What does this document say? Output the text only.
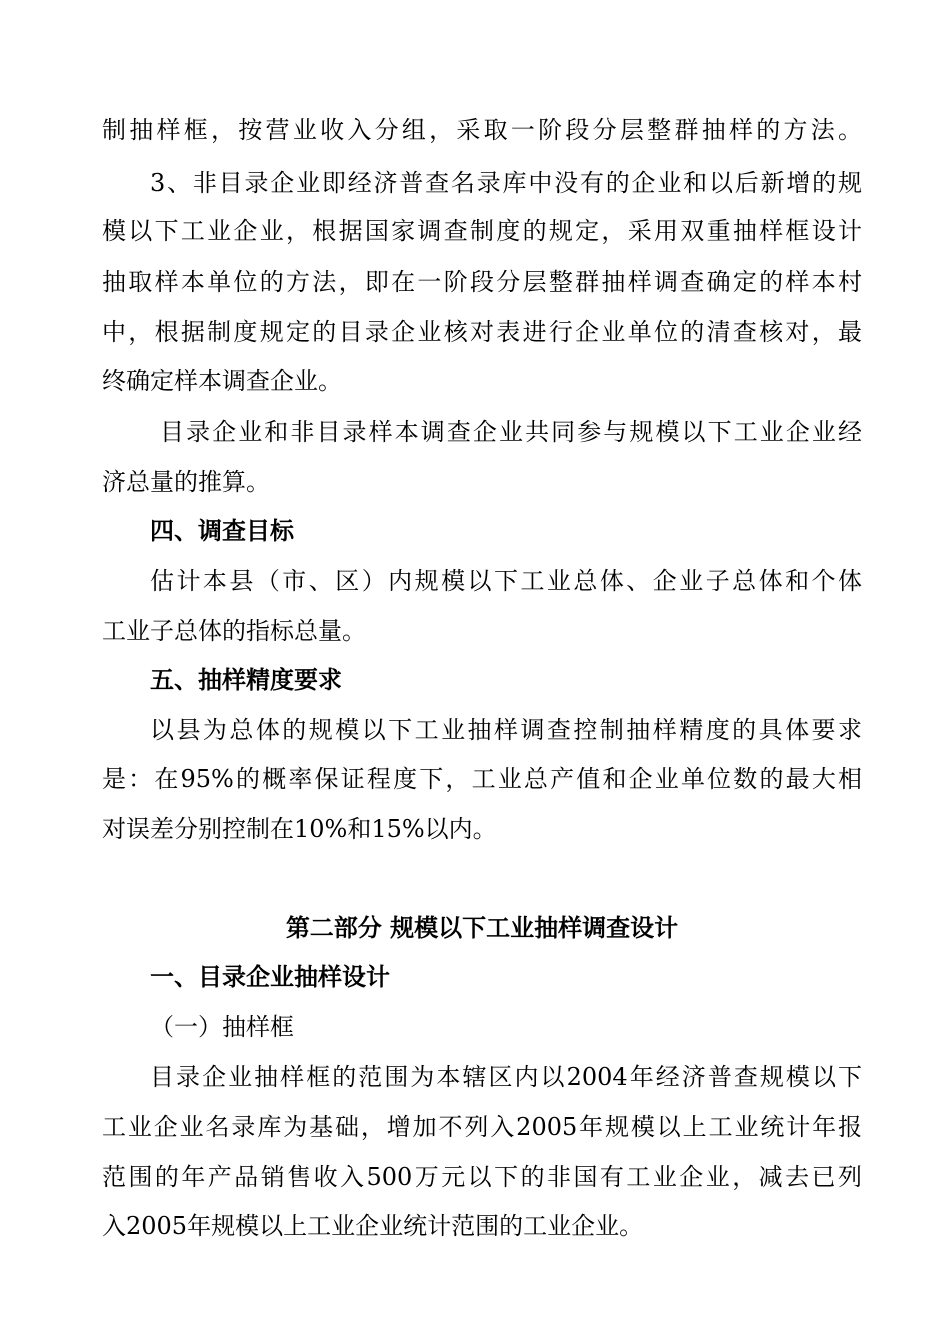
制抽样框，按营业收入分组，采取一阶段分层整群抽样的方法。
3、非目录企业即经济普查名录库中没有的企业和以后新增的规
模以下工业企业，根据国家调查制度的规定，采用双重抽样框设计
抽取样本单位的方法，即在一阶段分层整群抽样调查确定的样本村
中，根据制度规定的目录企业核对表进行企业单位的清查核对，最
终确定样本调查企业。
目录企业和非目录样本调查企业共同参与规模以下工业企业经
济总量的推算。
四、调查目标
估计本县（市、区）内规模以下工业总体、企业子总体和个体
工业子总体的指标总量。
五、抽样精度要求
以县为总体的规模以下工业抽样调查控制抽样精度的具体要求
是：在95%的概率保证程度下，工业总产值和企业单位数的最大相
对误差分别控制在10%和15%以内。
第二部分 规模以下工业抽样调查设计
一、目录企业抽样设计
（一）抽样框
目录企业抽样框的范围为本辖区内以2004年经济普查规模以下
工业企业名录库为基础，增加不列入2005年规模以上工业统计年报
范围的年产品销售收入500万元以下的非国有工业企业，减去已列
入2005年规模以上工业企业统计范围的工业企业。
